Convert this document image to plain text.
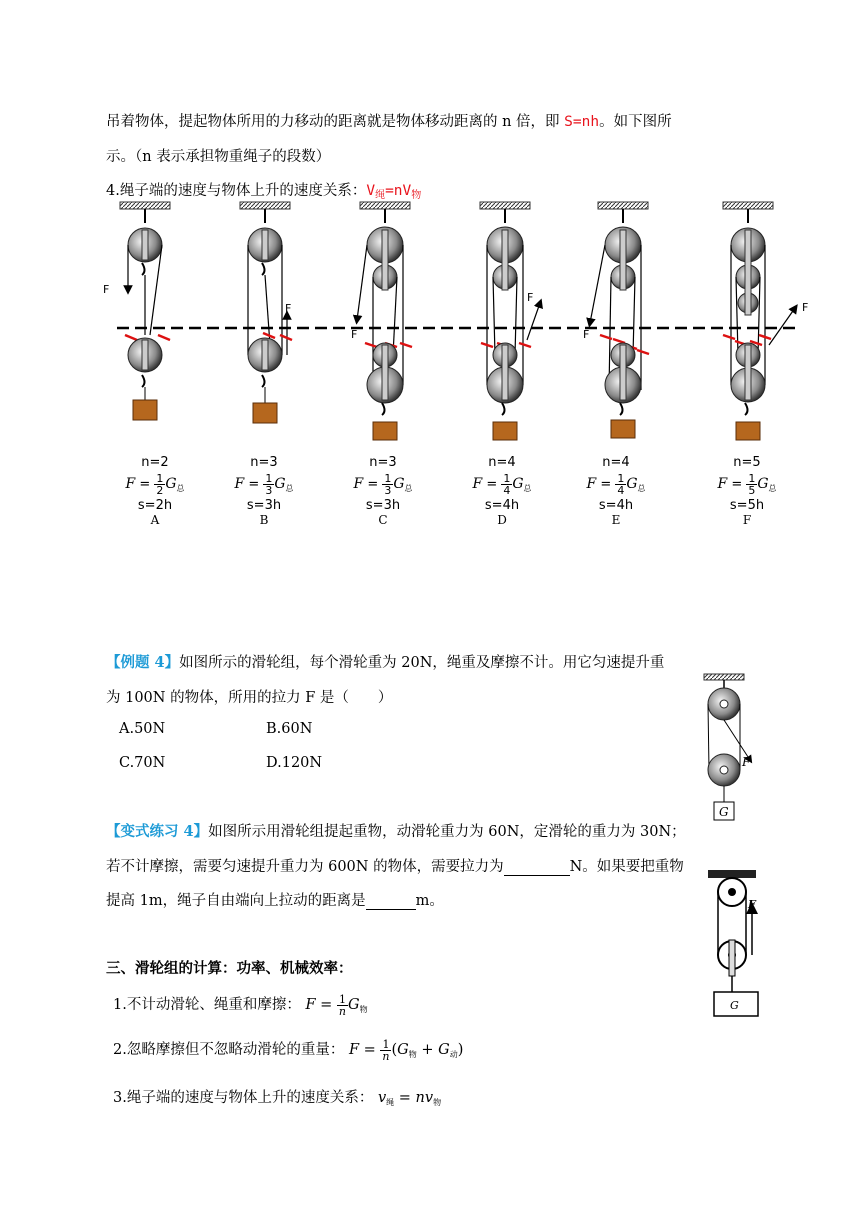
吊着物体，提起物体所用的力移动的距离就是物体移动距离的 n 倍，即 S=nh。如下图所
示。（n 表示承担物重绳子的段数）
4.绳子端的速度与物体上升的速度关系：$V_绳=nV_物$
F
F
F
F
F
F
n=2
$F = \frac{1}{2} G_总$
s=2h
A
n=3
$F = \frac{1}{3} G_总$
s=3h
B
n=3
$F = \frac{1}{3} G_总$
s=3h
C
n=4
$F = \frac{1}{4} G_总$
s=4h
D
n=4
$F = \frac{1}{4} G_总$
s=4h
E
n=5
$F = \frac{1}{5} G_总$
s=5h
F
【例题 4】如图所示的滑轮组，每个滑轮重为 20N，绳重及摩擦不计。用它匀速提升重
为 100N 的物体，所用的拉力 F 是（　　）
A.50N	B.60N
C.70N	D.120N	F
G
【变式练习 4】如图所示用滑轮组提起重物，动滑轮重力为 60N，定滑轮的重力为 30N；
若不计摩擦，需要匀速提升重力为 600N 的物体，需要拉力为	N。如果要把重物
提高 1m，绳子自由端向上拉动的距离是	m。	F
G
三、滑轮组的计算：功率、机械效率：
1.不计动滑轮、绳重和摩擦： $F = \frac{1}{n} G_物$
2.忽略摩擦但不忽略动滑轮的重量： $F = \frac{1}{n} (G_物 + G_动)$
3.绳子端的速度与物体上升的速度关系： $v_绳 = nv_物$
